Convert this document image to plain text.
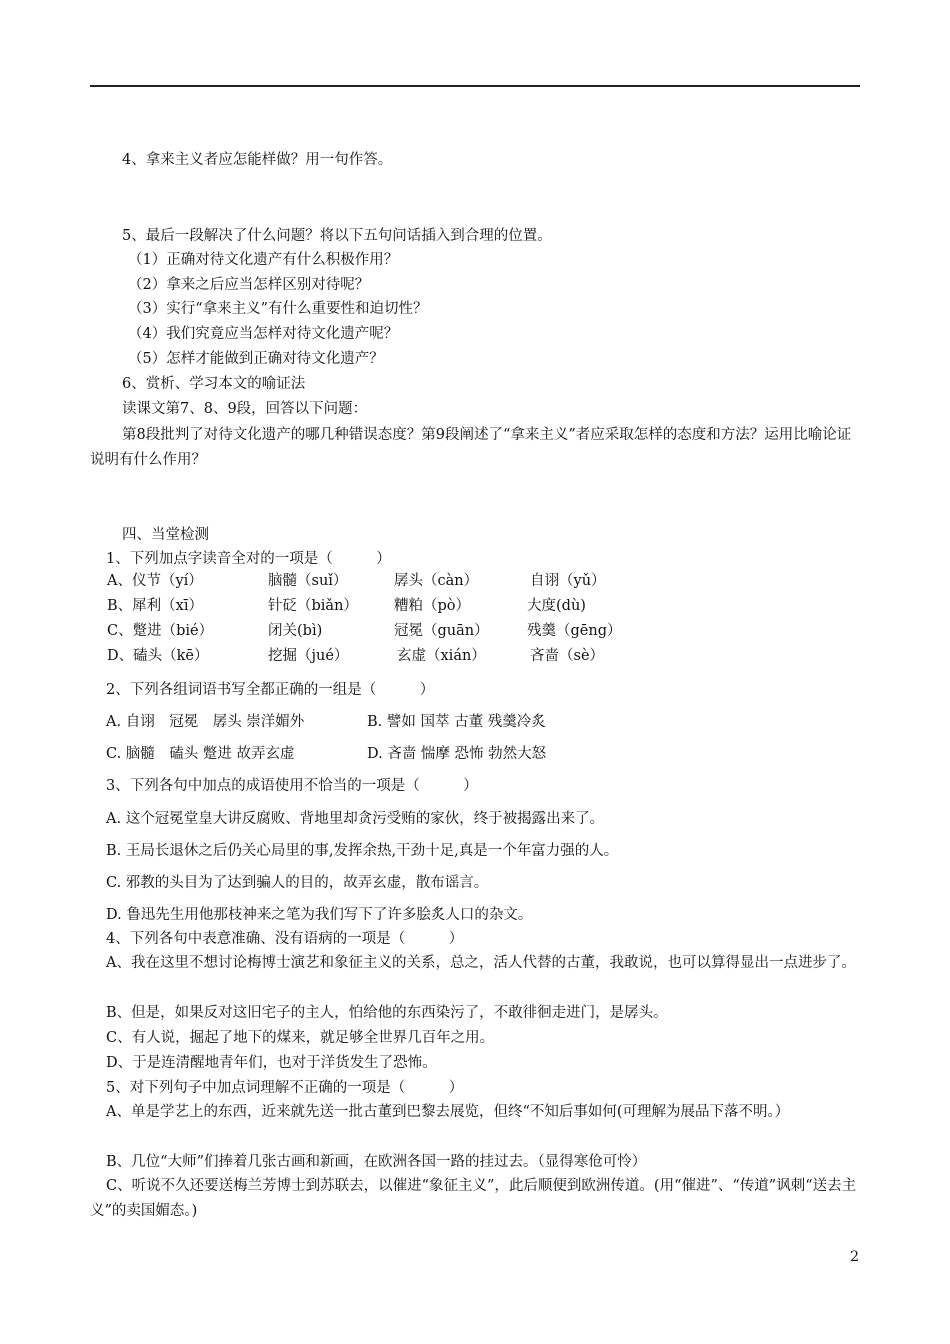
4、拿来主义者应怎能样做？用一句作答。
5、最后一段解决了什么问题？将以下五句问话插入到合理的位置。
（1）正确对待文化遗产有什么积极作用？
（2）拿来之后应当怎样区别对待呢？
（3）实行“拿来主义”有什么重要性和迫切性？
（4）我们究竟应当怎样对待文化遗产呢？
（5）怎样才能做到正确对待文化遗产？
6、赏析、学习本文的喻证法
读课文第7、8、9段，回答以下问题：
第8段批判了对待文化遗产的哪几种错误态度？第9段阐述了“拿来主义”者应采取怎样的态度和方法？运用比喻论证说明有什么作用？
四、当堂检测
1、下列加点字读音全对的一项是（　　　）
A、仪节（yí）	脑髓（suǐ）	孱头（càn）	自诩（yǔ）
B、犀利（xī）	针砭（biǎn） 糟粕（pò）	大度(dù)
C、蹩进（bié）	闭关(bì)	冠冕（guān）	残羹（gēng）
D、磕头（kē）	挖掘（jué）	玄虚（xián）	吝啬（sè）
2、下列各组词语书写全都正确的一组是（　　　）
A. 自诩　冠冕　孱头 崇洋媚外	B. 譬如 国萃 古董 残羹冷炙
C. 脑髓　磕头 蹩进 故弄玄虚	D. 吝啬 惴摩 恐怖 勃然大怒
3、下列各句中加点的成语使用不恰当的一项是（　　　）
A. 这个冠冕堂皇大讲反腐败、背地里却贪污受贿的家伙，终于被揭露出来了。
B. 王局长退休之后仍关心局里的事,发挥余热,干劲十足,真是一个年富力强的人。
C. 邪教的头目为了达到骗人的目的，故弄玄虚，散布谣言。
D. 鲁迅先生用他那枝神来之笔为我们写下了许多脍炙人口的杂文。
4、下列各句中表意准确、没有语病的一项是（　　　）
A、我在这里不想讨论梅博士演艺和象征主义的关系，总之，活人代替的古董，我敢说，也可以算得显出一点进步了。
B、但是，如果反对这旧宅子的主人，怕给他的东西染污了，不敢徘徊走进门，是孱头。
C、有人说，掘起了地下的煤来，就足够全世界几百年之用。
D、于是连清醒地青年们，也对于洋货发生了恐怖。
5、对下列句子中加点词理解不正确的一项是（　　　）
A、单是学艺上的东西，近来就先送一批古董到巴黎去展览，但终“不知后事如何(可理解为展品下落不明。）
B、几位“大师”们捧着几张古画和新画，在欧洲各国一路的挂过去。（显得寒伧可怜）
C、听说不久还要送梅兰芳博士到苏联去，以催进“象征主义”，此后顺便到欧洲传道。(用“催进”、“传道”讽刺“送去主义”的卖国媚态。)
2
